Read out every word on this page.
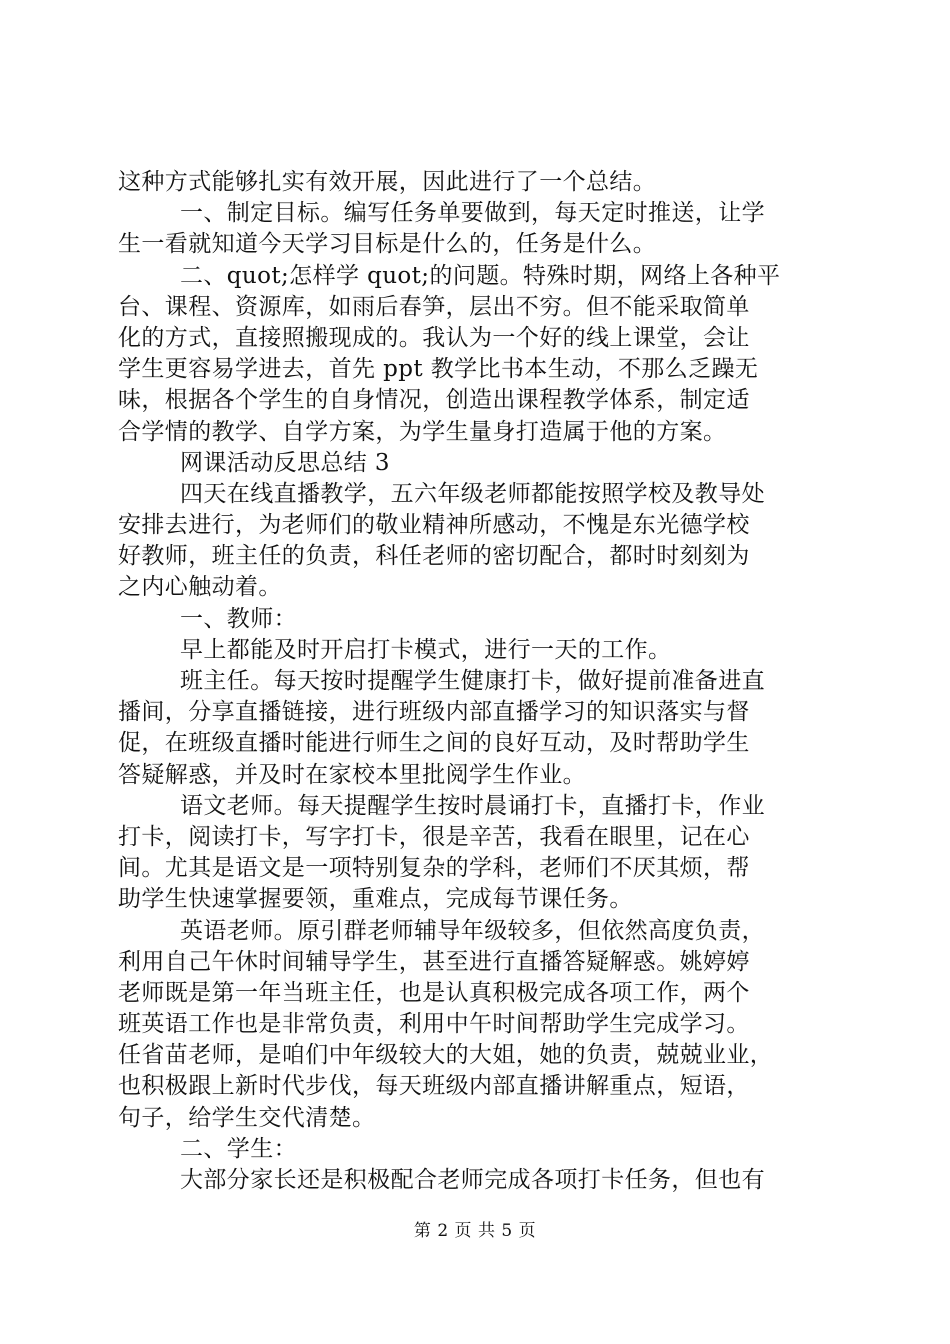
这种方式能够扎实有效开展，因此进行了一个总结。
一、制定目标。编写任务单要做到，每天定时推送，让学
生一看就知道今天学习目标是什么的，任务是什么。
二、quot;怎样学 quot;的问题。特殊时期，网络上各种平
台、课程、资源库，如雨后春笋，层出不穷。但不能采取简单
化的方式，直接照搬现成的。我认为一个好的线上课堂，会让
学生更容易学进去，首先 ppt 教学比书本生动，不那么乏躁无
味，根据各个学生的自身情况，创造出课程教学体系，制定适
合学情的教学、自学方案，为学生量身打造属于他的方案。
网课活动反思总结 3
四天在线直播教学，五六年级老师都能按照学校及教导处
安排去进行，为老师们的敬业精神所感动，不愧是东光德学校
好教师，班主任的负责，科任老师的密切配合，都时时刻刻为
之内心触动着。
一、教师：
早上都能及时开启打卡模式，进行一天的工作。
班主任。每天按时提醒学生健康打卡，做好提前准备进直
播间，分享直播链接，进行班级内部直播学习的知识落实与督
促，在班级直播时能进行师生之间的良好互动，及时帮助学生
答疑解惑，并及时在家校本里批阅学生作业。
语文老师。每天提醒学生按时晨诵打卡，直播打卡，作业
打卡，阅读打卡，写字打卡，很是辛苦，我看在眼里，记在心
间。尤其是语文是一项特别复杂的学科，老师们不厌其烦，帮
助学生快速掌握要领，重难点，完成每节课任务。
英语老师。原引群老师辅导年级较多，但依然高度负责，
利用自己午休时间辅导学生，甚至进行直播答疑解惑。姚婷婷
老师既是第一年当班主任，也是认真积极完成各项工作，两个
班英语工作也是非常负责，利用中午时间帮助学生完成学习。
任省苗老师，是咱们中年级较大的大姐，她的负责，兢兢业业，
也积极跟上新时代步伐，每天班级内部直播讲解重点，短语，
句子，给学生交代清楚。
二、学生：
大部分家长还是积极配合老师完成各项打卡任务，但也有
第 2 页 共 5 页
